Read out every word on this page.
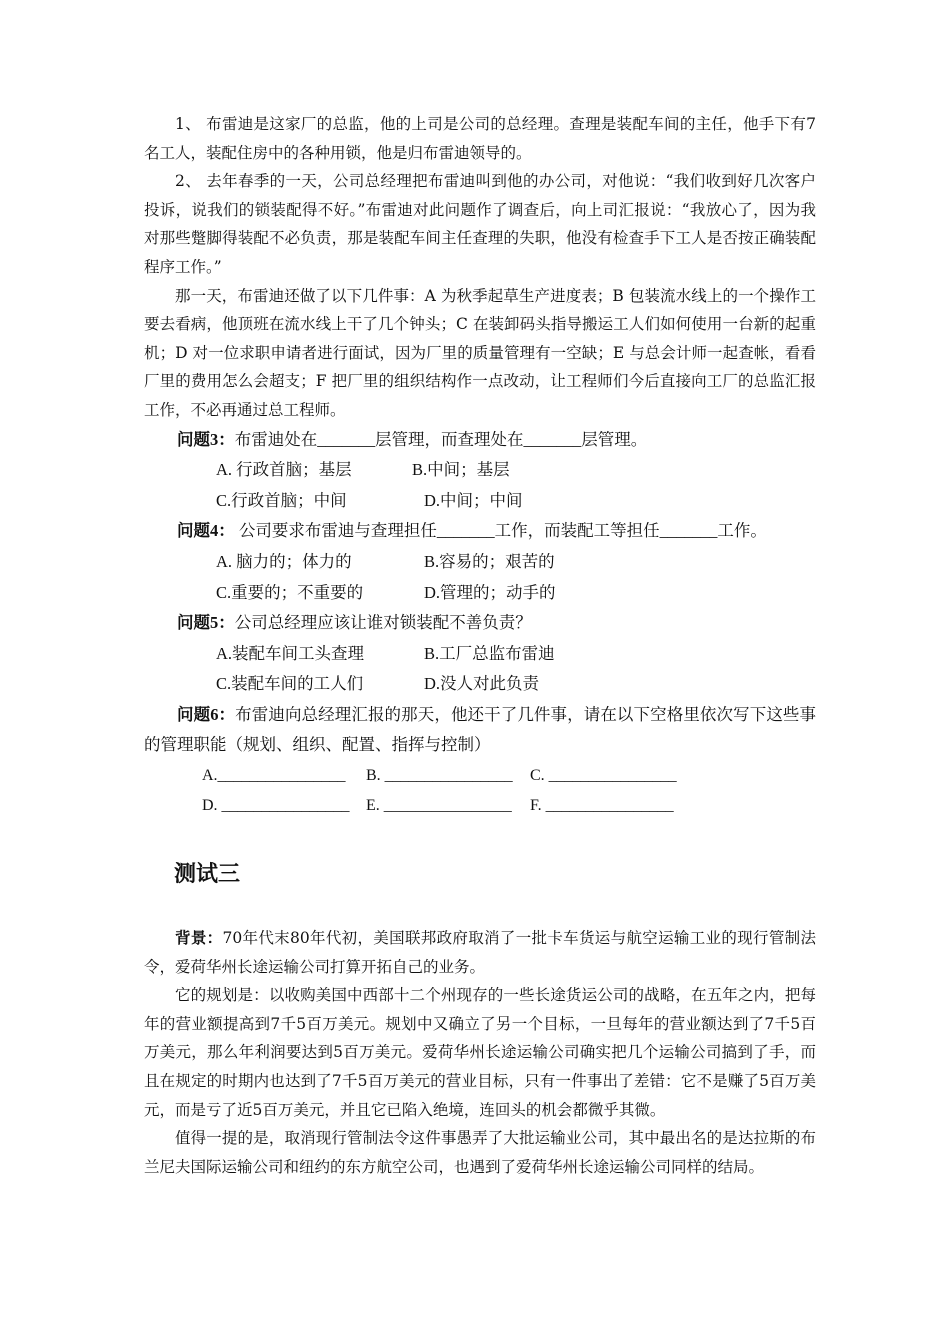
1、 布雷迪是这家厂的总监，他的上司是公司的总经理。查理是装配车间的主任，他手下有7名工人，装配住房中的各种用锁，他是归布雷迪领导的。

2、 去年春季的一天，公司总经理把布雷迪叫到他的办公司，对他说：“我们收到好几次客户投诉，说我们的锁装配得不好。”布雷迪对此问题作了调查后，向上司汇报说：“我放心了，因为我对那些蹩脚得装配不必负责，那是装配车间主任查理的失职，他没有检查手下工人是否按正确装配程序工作。”

那一天，布雷迪还做了以下几件事：A 为秋季起草生产进度表；B 包装流水线上的一个操作工要去看病，他顶班在流水线上干了几个钟头；C 在装卸码头指导搬运工人们如何使用一台新的起重机；D 对一位求职申请者进行面试，因为厂里的质量管理有一空缺；E 与总会计师一起查帐，看看厂里的费用怎么会超支；F 把厂里的组织结构作一点改动，让工程师们今后直接向工厂的总监汇报工作，不必再通过总工程师。

问题3：布雷迪处在_______层管理，而查理处在_______层管理。
A. 行政首脑；基层	B.中间；基层
C.行政首脑；中间	D.中间；中间
问题4： 公司要求布雷迪与查理担任_______工作，而装配工等担任_______工作。
A. 脑力的；体力的	B.容易的；艰苦的
C.重要的；不重要的	D.管理的；动手的
问题5：公司总经理应该让谁对锁装配不善负责？
A.装配车间工头查理	B.工厂总监布雷迪
C.装配车间的工人们	D.没人对此负责
问题6：布雷迪向总经理汇报的那天，他还干了几件事，请在以下空格里依次写下这些事的管理职能（规划、组织、配置、指挥与控制）
A.________________	B. ________________	C. ________________
D. ________________	E. ________________	F. ________________
测试三

背景：70年代末80年代初，美国联邦政府取消了一批卡车货运与航空运输工业的现行管制法令，爱荷华州长途运输公司打算开拓自己的业务。

它的规划是：以收购美国中西部十二个州现存的一些长途货运公司的战略，在五年之内，把每年的营业额提高到7千5百万美元。规划中又确立了另一个目标，一旦每年的营业额达到了7千5百万美元，那么年利润要达到5百万美元。爱荷华州长途运输公司确实把几个运输公司搞到了手，而且在规定的时期内也达到了7千5百万美元的营业目标，只有一件事出了差错：它不是赚了5百万美元，而是亏了近5百万美元，并且它已陷入绝境，连回头的机会都微乎其微。

值得一提的是，取消现行管制法令这件事愚弄了大批运输业公司，其中最出名的是达拉斯的布兰尼夫国际运输公司和纽约的东方航空公司，也遇到了爱荷华州长途运输公司同样的结局。
